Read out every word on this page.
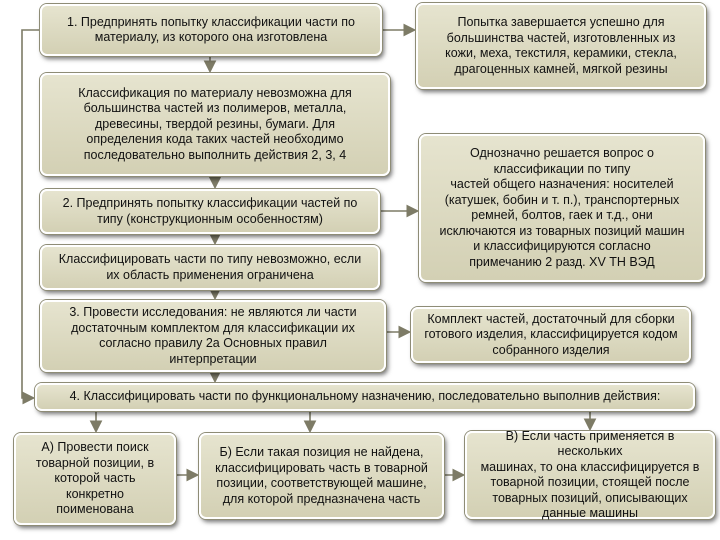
1. Предпринять попытку классификации части по
материалу, из которого она изготовлена
Попытка завершается успешно для
большинства частей, изготовленных из
кожи, меха, текстиля, керамики, стекла,
драгоценных камней, мягкой резины
Классификация по материалу невозможна для
большинства частей из полимеров, металла,
древесины, твердой резины, бумаги. Для
определения кода таких частей необходимо
последовательно выполнить действия 2, 3, 4	Однозначно решается вопрос о
классификации по типу
частей общего назначения: носителей
(катушек, бобин и т. п.), транспортерных
ремней, болтов, гаек и т.д., они
исключаются из товарных позиций машин
и классифицируются согласно
примечанию 2 разд. XV ТН ВЭД
2. Предпринять попытку классификации частей по
типу (конструкционным особенностям)
Классифицировать части по типу невозможно, если
их область применения ограничена
3. Провести исследования: не являются ли части
достаточным комплектом для классификации их
согласно правилу 2а Основных правил
интерпретации
Комплект частей, достаточный для сборки
готового изделия, классифицируется кодом
собранного изделия
4. Классифицировать части по функциональному назначению, последовательно выполнив действия:
А) Провести поиск
товарной позиции, в
которой часть
конкретно
поименована
Б) Если такая позиция не найдена,
классифицировать часть в товарной
позиции, соответствующей машине,
для которой предназначена часть
В) Если часть применяется в нескольких
машинах, то она классифицируется в
товарной позиции, стоящей после
товарных позиций, описывающих
данные машины
